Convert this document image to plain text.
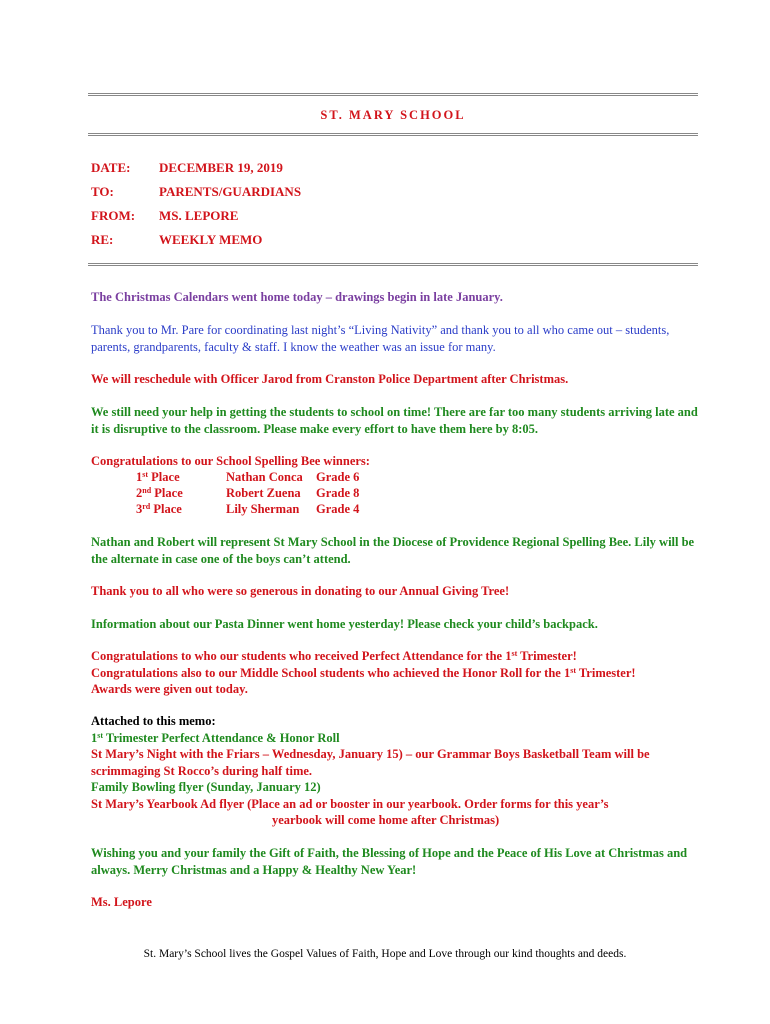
ST. MARY SCHOOL
DATE: DECEMBER 19, 2019
TO:	PARENTS/GUARDIANS
FROM: MS. LEPORE
RE:	WEEKLY MEMO
The Christmas Calendars went home today – drawings begin in late January.
Thank you to Mr. Pare for coordinating last night’s “Living Nativity” and thank you to all who came out – students, parents, grandparents, faculty & staff. I know the weather was an issue for many.
We will reschedule with Officer Jarod from Cranston Police Department after Christmas.
We still need your help in getting the students to school on time! There are far too many students arriving late and it is disruptive to the classroom. Please make every effort to have them here by 8:05.
Congratulations to our School Spelling Bee winners:
1st Place	Nathan Conca Grade 6
2nd Place	Robert Zuena Grade 8
3rd Place	Lily Sherman Grade 4
Nathan and Robert will represent St Mary School in the Diocese of Providence Regional Spelling Bee. Lily will be the alternate in case one of the boys can’t attend.
Thank you to all who were so generous in donating to our Annual Giving Tree!
Information about our Pasta Dinner went home yesterday! Please check your child’s backpack.
Congratulations to who our students who received Perfect Attendance for the 1st Trimester!
Congratulations also to our Middle School students who achieved the Honor Roll for the 1st Trimester!
Awards were given out today.
Attached to this memo:
1st Trimester Perfect Attendance & Honor Roll
St Mary’s Night with the Friars – Wednesday, January 15) – our Grammar Boys Basketball Team will be scrimmaging St Rocco’s during half time.
Family Bowling flyer (Sunday, January 12)
St Mary’s Yearbook Ad flyer (Place an ad or booster in our yearbook. Order forms for this year’s
yearbook will come home after Christmas)
Wishing you and your family the Gift of Faith, the Blessing of Hope and the Peace of His Love at Christmas and always. Merry Christmas and a Happy & Healthy New Year!
Ms. Lepore
St. Mary’s School lives the Gospel Values of Faith, Hope and Love through our kind thoughts and deeds.
